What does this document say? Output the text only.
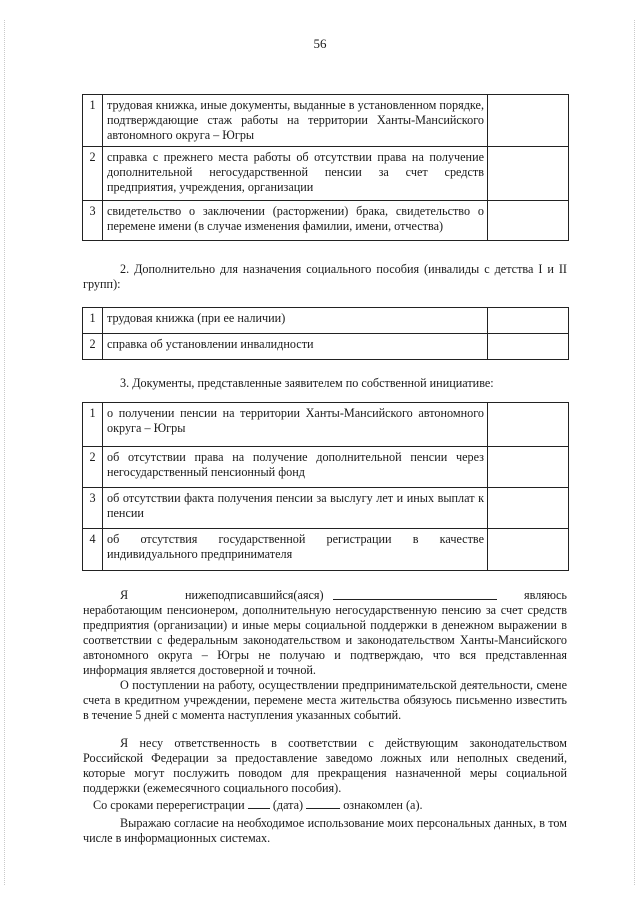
56
1	трудовая книжка, иные документы, выданные в установленном порядке, подтверждающие стаж работы на территории Ханты-Мансийского автономного округа – Югры	
2	справка с прежнего места работы об отсутствии права на получение дополнительной негосударственной пенсии за счет средств предприятия, учреждения, организации	
3	свидетельство о заключении (расторжении) брака, свидетельство о перемене имени (в случае изменения фамилии, имени, отчества)	
2. Дополнительно для назначения социального пособия (инвалиды с детства I и II групп):
1	трудовая книжка (при ее наличии)	
2	справка об установлении инвалидности	
3. Документы, представленные заявителем по собственной инициативе:
1	о получении пенсии на территории Ханты-Мансийского автономного округа – Югры	
2	об отсутствии права на получение дополнительной пенсии через негосударственный пенсионный фонд	
3	об отсутствии факта получения пенсии за выслугу лет и иных выплат к пенсии	
4	об отсутствия государственной регистрации в качестве индивидуального предпринимателя	
Я	нижеподписавшийся(аяся)	являюсь
неработающим пенсионером, дополнительную негосударственную пенсию за счет средств предприятия (организации) и иные меры социальной поддержки в денежном выражении в соответствии с федеральным законодательством и законодательством Ханты-Мансийского автономного округа – Югры не получаю и подтверждаю, что вся представленная информация является достоверной и точной.
О поступлении на работу, осуществлении предпринимательской деятельности, смене счета в кредитном учреждении, перемене места жительства обязуюсь письменно известить в течение 5 дней с момента наступления указанных событий.
Я несу ответственность в соответствии с действующим законодательством Российской Федерации за предоставление заведомо ложных или неполных сведений, которые могут послужить поводом для прекращения назначенной меры социальной поддержки (ежемесячного социального пособия).
Со сроками перерегистрации (дата)	ознакомлен (а).
Выражаю согласие на необходимое использование моих персональных данных, в том числе в информационных системах.
